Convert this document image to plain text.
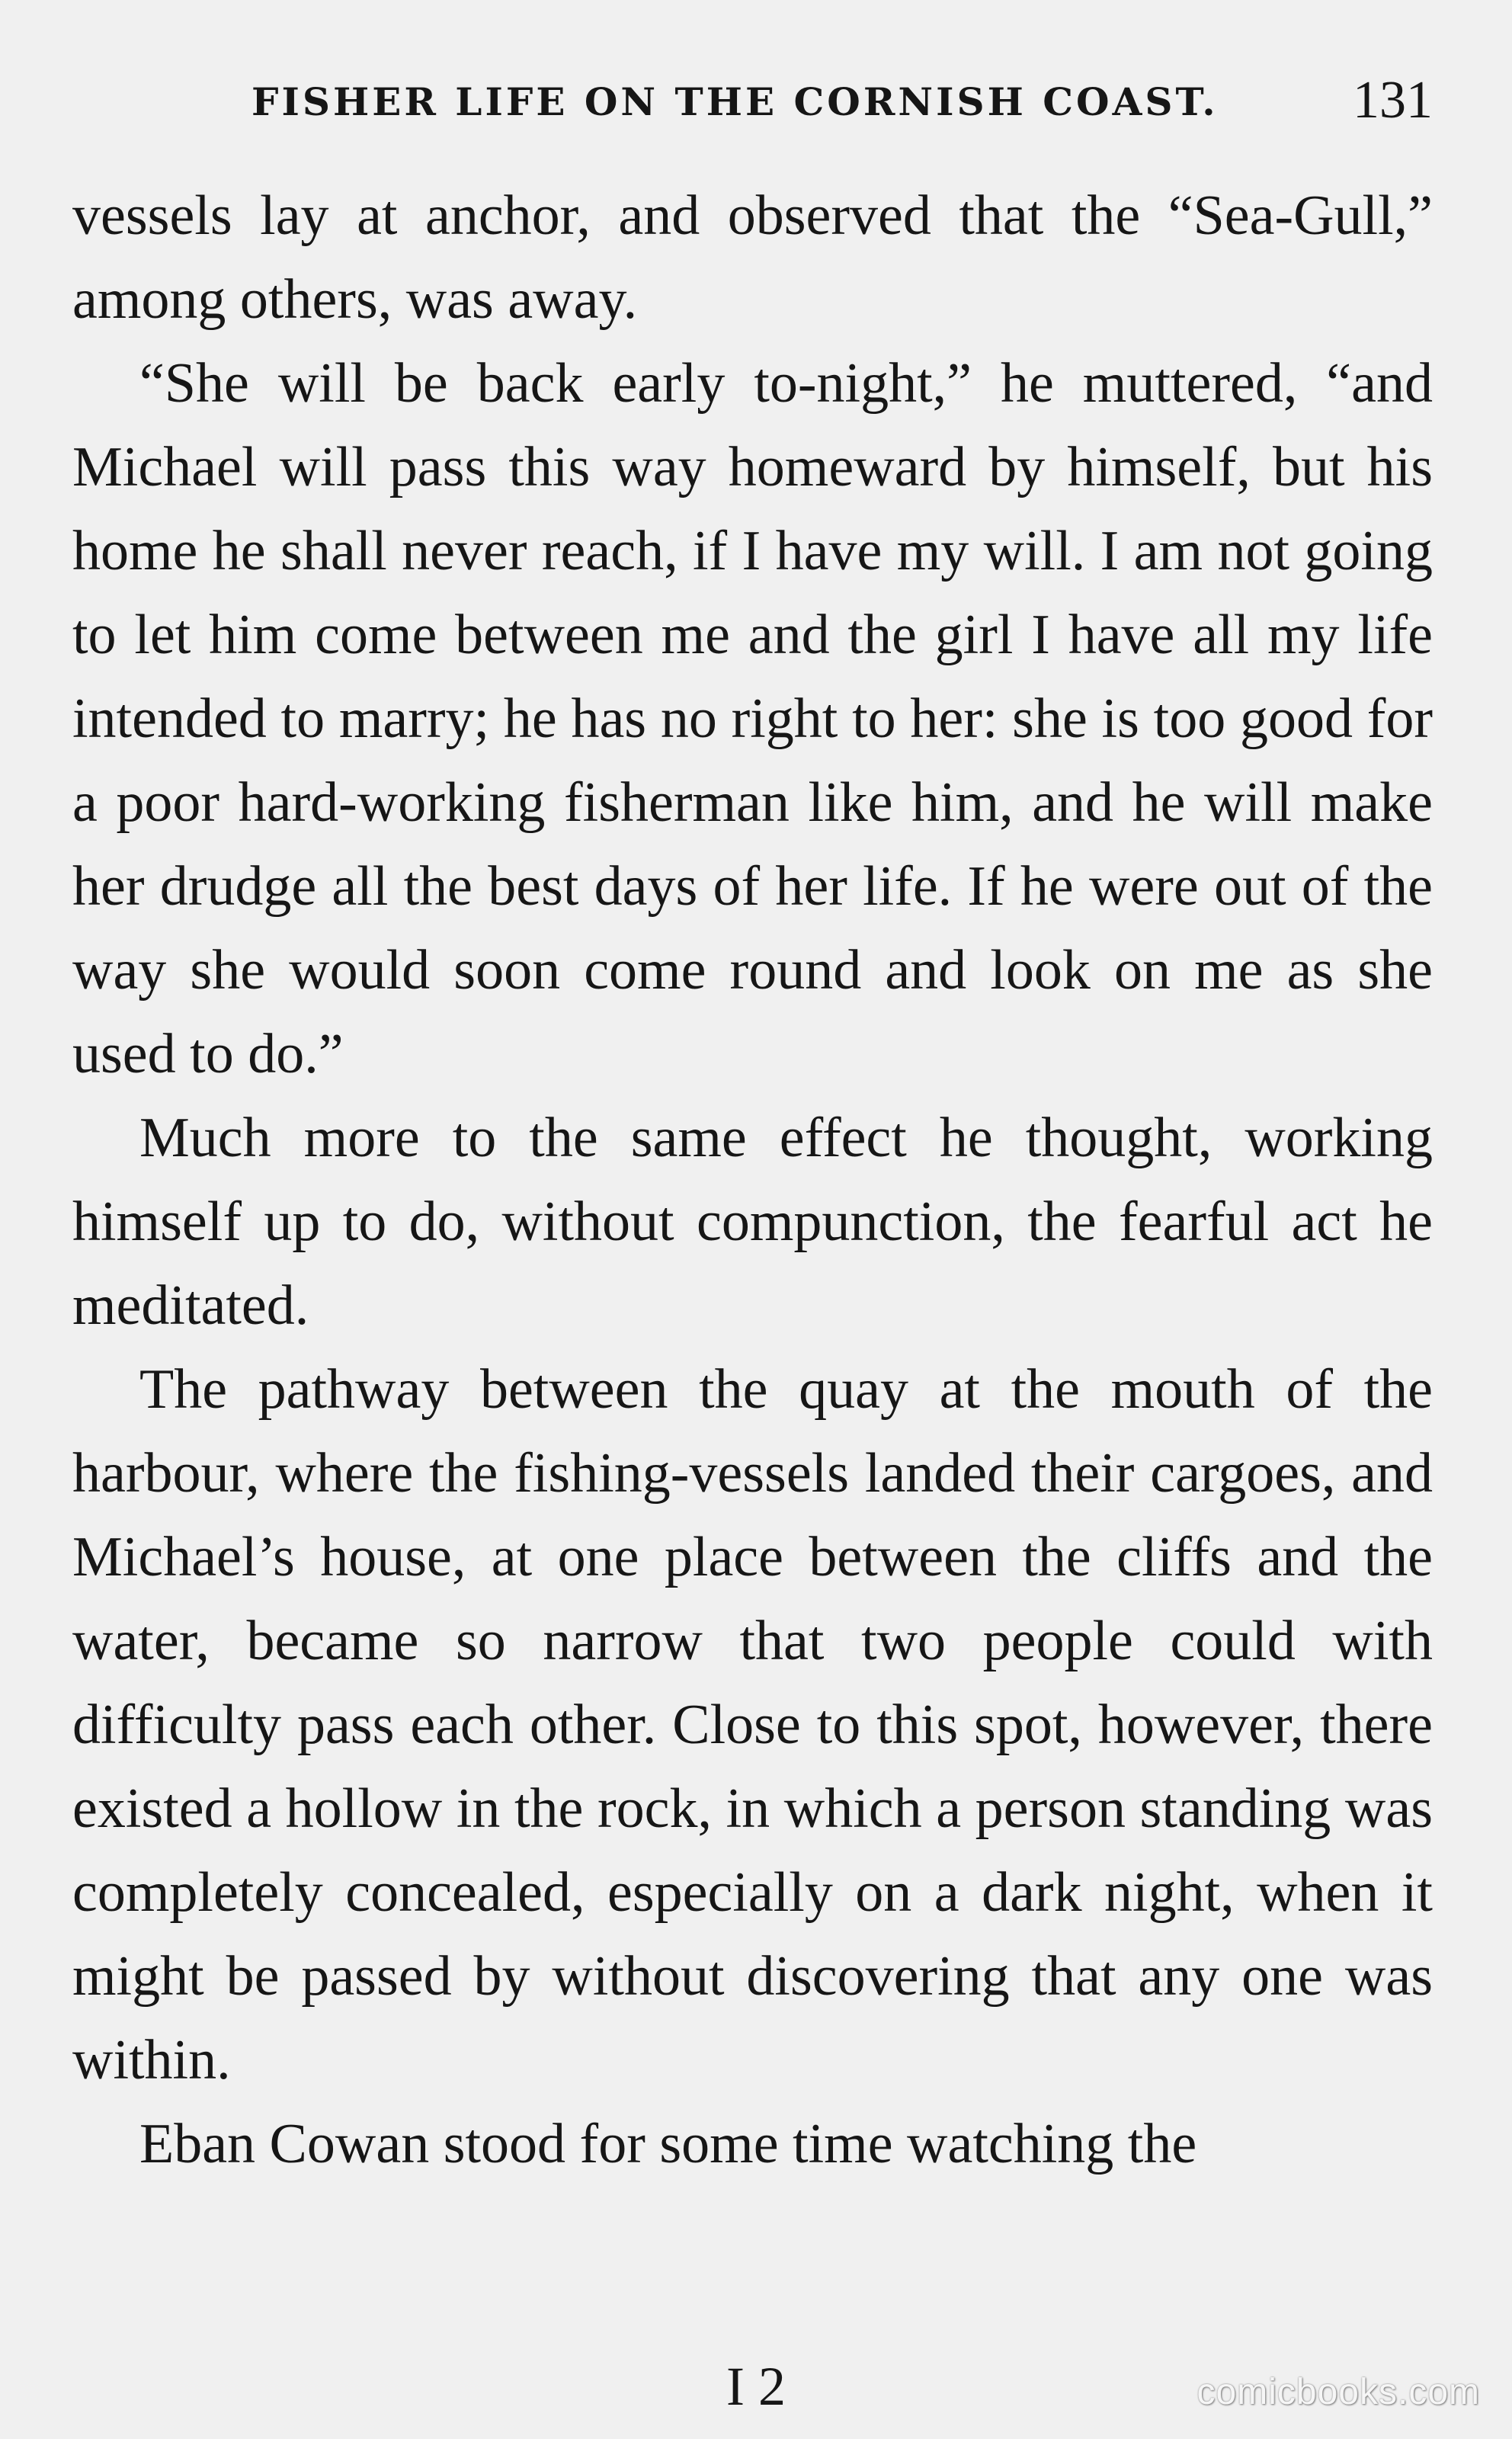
FISHER LIFE ON THE CORNISH COAST.	131

vessels lay at anchor, and observed that the “Sea-Gull,” among others, was away.

“She will be back early to-night,” he muttered, “and Michael will pass this way homeward by himself, but his home he shall never reach, if I have my will. I am not going to let him come between me and the girl I have all my life intended to marry; he has no right to her: she is too good for a poor hard-working fisherman like him, and he will make her drudge all the best days of her life. If he were out of the way she would soon come round and look on me as she used to do.”

Much more to the same effect he thought, working himself up to do, without compunction, the fearful act he meditated.

The pathway between the quay at the mouth of the harbour, where the fishing-vessels landed their cargoes, and Michael’s house, at one place between the cliffs and the water, became so narrow that two people could with difficulty pass each other. Close to this spot, however, there existed a hollow in the rock, in which a person standing was completely concealed, especially on a dark night, when it might be passed by without discovering that any one was within.

Eban Cowan stood for some time watching the

I 2	comicbooks.com
